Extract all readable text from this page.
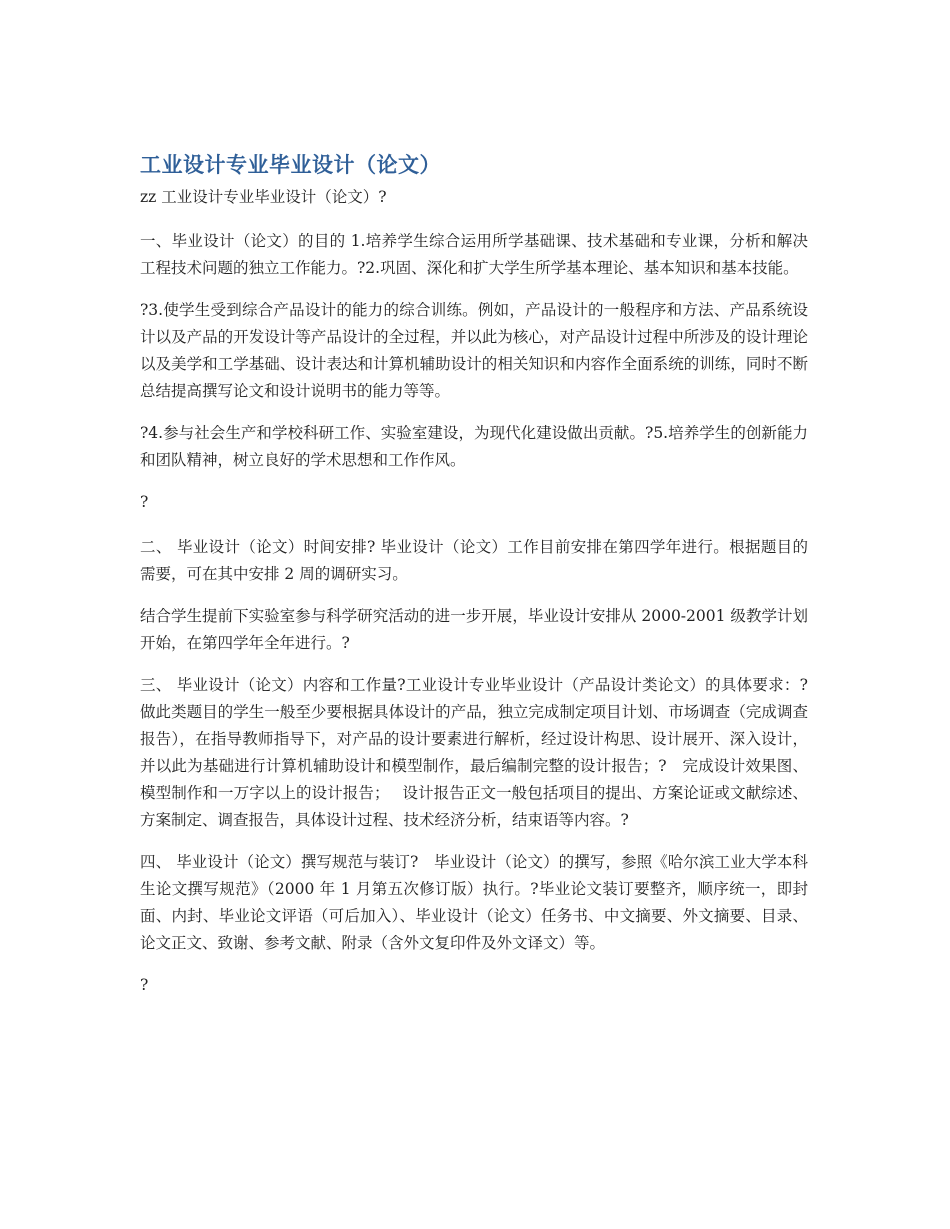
工业设计专业毕业设计（论文）

zz 工业设计专业毕业设计（论文）?

一、毕业设计（论文）的目的 1.培养学生综合运用所学基础课、技术基础和专业课，分析和解决工程技术问题的独立工作能力。?2.巩固、深化和扩大学生所学基本理论、基本知识和基本技能。

?3.使学生受到综合产品设计的能力的综合训练。例如，产品设计的一般程序和方法、产品系统设计以及产品的开发设计等产品设计的全过程，并以此为核心，对产品设计过程中所涉及的设计理论以及美学和工学基础、设计表达和计算机辅助设计的相关知识和内容作全面系统的训练，同时不断总结提高撰写论文和设计说明书的能力等等。

?4.参与社会生产和学校科研工作、实验室建设，为现代化建设做出贡献。?5.培养学生的创新能力和团队精神，树立良好的学术思想和工作作风。

?

二、 毕业设计（论文）时间安排? 毕业设计（论文）工作目前安排在第四学年进行。根据题目的需要，可在其中安排 2 周的调研实习。

结合学生提前下实验室参与科学研究活动的进一步开展，毕业设计安排从 2000-2001 级教学计划开始，在第四学年全年进行。?

三、 毕业设计（论文）内容和工作量?工业设计专业毕业设计（产品设计类论文）的具体要求：?　做此类题目的学生一般至少要根据具体设计的产品，独立完成制定项目计划、市场调查（完成调查报告），在指导教师指导下，对产品的设计要素进行解析，经过设计构思、设计展开、深入设计，并以此为基础进行计算机辅助设计和模型制作，最后编制完整的设计报告；?　完成设计效果图、模型制作和一万字以上的设计报告；　 设计报告正文一般包括项目的提出、方案论证或文献综述、方案制定、调查报告，具体设计过程、技术经济分析，结束语等内容。?

四、 毕业设计（论文）撰写规范与装订?　毕业设计（论文）的撰写，参照《哈尔滨工业大学本科生论文撰写规范》（2000 年 1 月第五次修订版）执行。?毕业论文装订要整齐，顺序统一，即封面、内封、毕业论文评语（可后加入）、毕业设计（论文）任务书、中文摘要、外文摘要、目录、论文正文、致谢、参考文献、附录（含外文复印件及外文译文）等。

?
